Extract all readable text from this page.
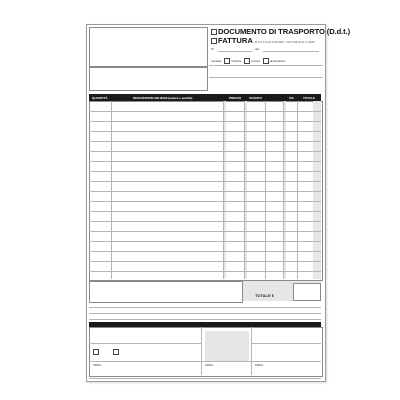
DOCUMENTO DI TRASPORTO (D.d.t.)
FATTURA (D.P.R. 472 del 14-08-1996 - D.P.R. 696 del 21-12-1996)
N°	del
causale:	mittente	vettore	destinatario
QUANTITÀ	DESCRIZIONE DEI BENI (natura e qualità)	PREZZO	SCONTO	IVA	TOTALE
TOTALE €

FIRMA	FIRMA	FIRMA
